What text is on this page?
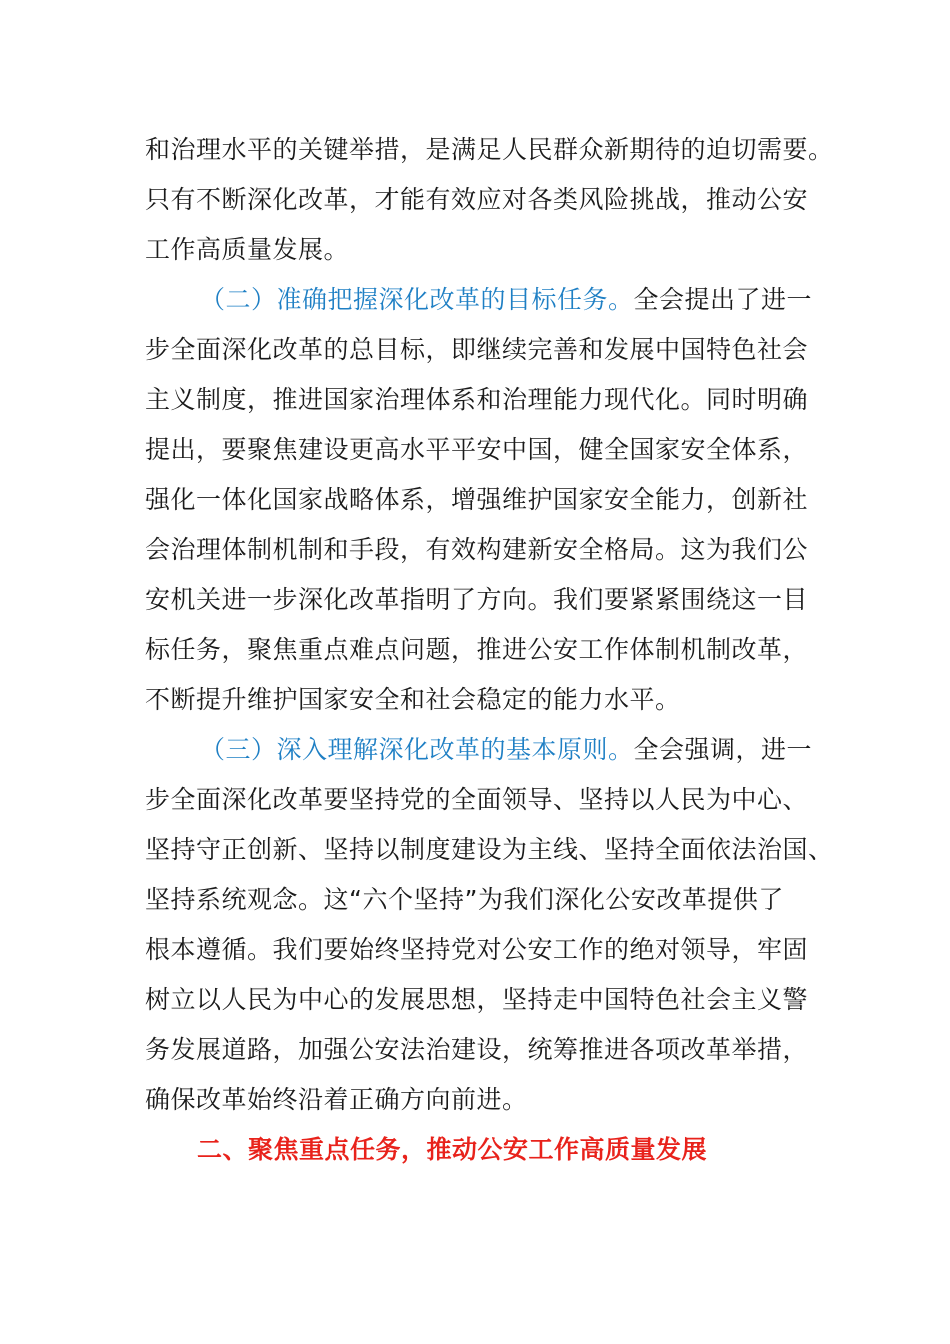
和治理水平的关键举措，是满足人民群众新期待的迫切需要。
只有不断深化改革，才能有效应对各类风险挑战，推动公安
工作高质量发展。
（二）准确把握深化改革的目标任务。全会提出了进一
步全面深化改革的总目标，即继续完善和发展中国特色社会
主义制度，推进国家治理体系和治理能力现代化。同时明确
提出，要聚焦建设更高水平平安中国，健全国家安全体系，
强化一体化国家战略体系，增强维护国家安全能力，创新社
会治理体制机制和手段，有效构建新安全格局。这为我们公
安机关进一步深化改革指明了方向。我们要紧紧围绕这一目
标任务，聚焦重点难点问题，推进公安工作体制机制改革，
不断提升维护国家安全和社会稳定的能力水平。
（三）深入理解深化改革的基本原则。全会强调，进一
步全面深化改革要坚持党的全面领导、坚持以人民为中心、
坚持守正创新、坚持以制度建设为主线、坚持全面依法治国、
坚持系统观念。这“六个坚持”为我们深化公安改革提供了
根本遵循。我们要始终坚持党对公安工作的绝对领导，牢固
树立以人民为中心的发展思想，坚持走中国特色社会主义警
务发展道路，加强公安法治建设，统筹推进各项改革举措，
确保改革始终沿着正确方向前进。
二、聚焦重点任务，推动公安工作高质量发展
